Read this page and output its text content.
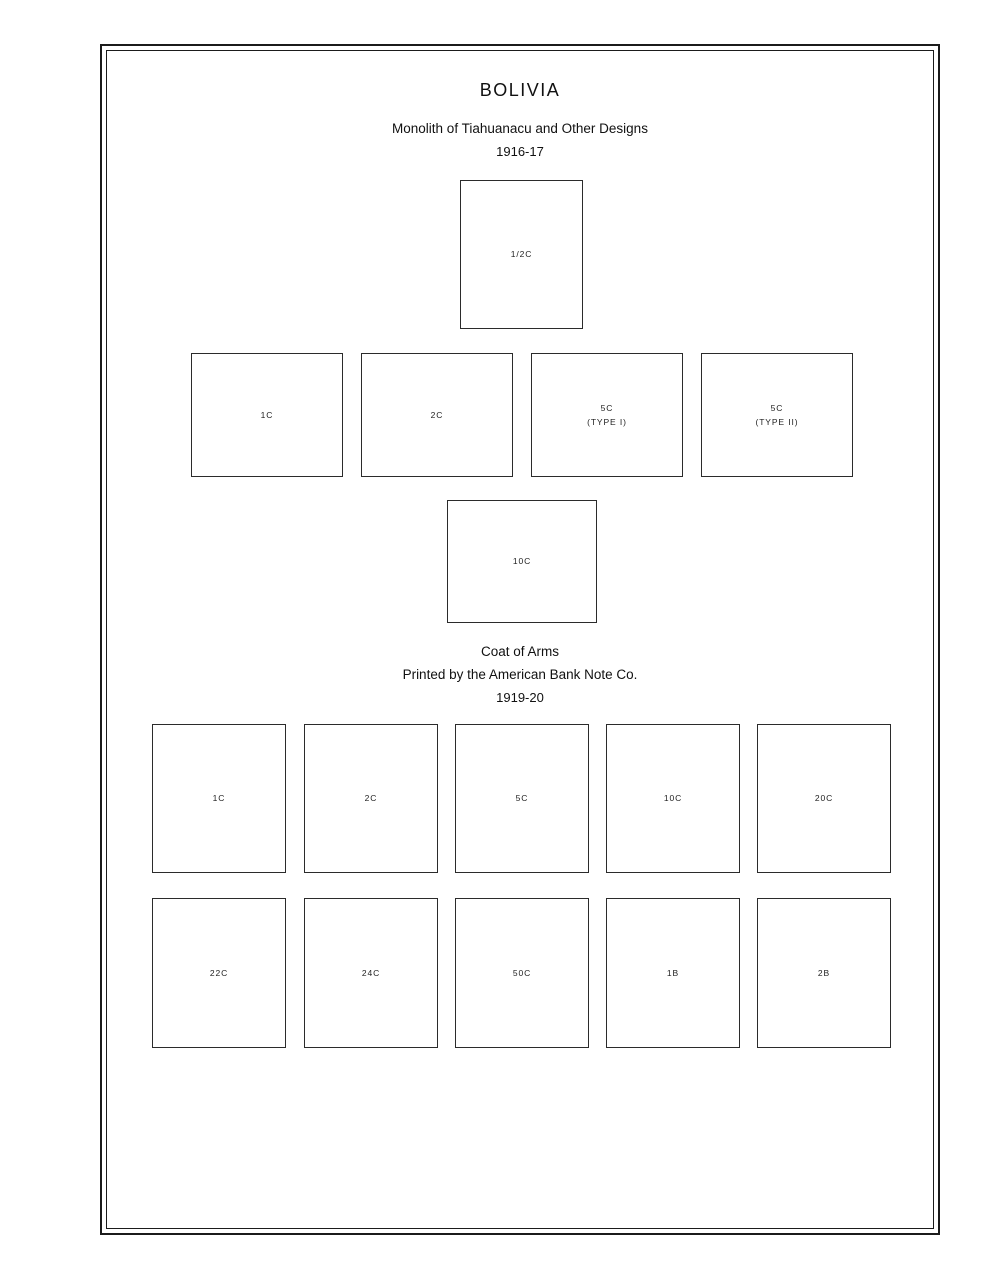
BOLIVIA
Monolith of Tiahuanacu and Other Designs
1916-17
1/2C
1C	2C
5C
(TYPE I)
5C
(TYPE II)
10C
Coat of Arms
Printed by the American Bank Note Co.
1919-20
1C	2C	5C	10C	20C
22C	24C	50C	1B	2B
